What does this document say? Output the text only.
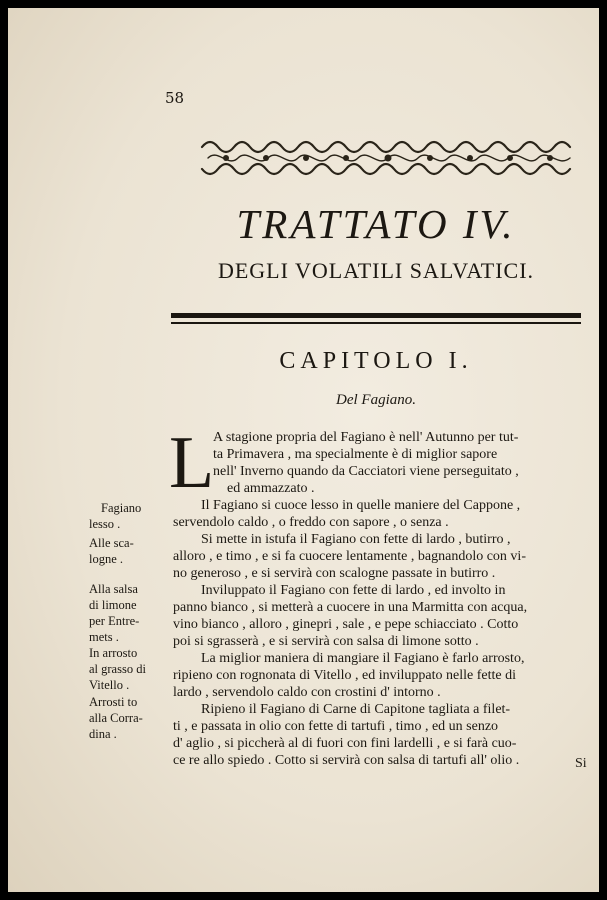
58
TRATTATO IV.
DEGLI VOLATILI SALVATICI.
CAPITOLO I.
Del Fagiano.
L
A stagione propria del Fagiano è nell' Autunno per tut-
ta Primavera , ma specialmente è di miglior sapore
nell' Inverno quando da Cacciatori viene perseguitato ,
ed ammazzato .
Il Fagiano si cuoce lesso in quelle maniere del Cappone ,
servendolo caldo , o freddo con sapore , o senza .
Si mette in istufa il Fagiano con fette di lardo , butirro ,
alloro , e timo , e si fa cuocere lentamente , bagnandolo con vi-
no generoso , e si servirà con scalogne passate in butirro .
Inviluppato il Fagiano con fette di lardo , ed involto in
panno bianco , si metterà a cuocere in una Marmitta con acqua,
vino bianco , alloro , ginepri , sale , e pepe schiacciato . Cotto
poi si sgrasserà , e si servirà con salsa di limone sotto .
La miglior maniera di mangiare il Fagiano è farlo arrosto,
ripieno con rognonata di Vitello , ed inviluppato nelle fette di
lardo , servendolo caldo con crostini d' intorno .
Ripieno il Fagiano di Carne di Capitone tagliata a filet-
ti , e passata in olio con fette di tartufi , timo , ed un senzo
d' aglio , si piccherà al di fuori con fini lardelli , e si farà cuo-
ce re allo spiedo . Cotto si servirà con salsa di tartufi all' olio .
Fagiano
lesso .
Alle sca-
logne .
Alla salsa
di limone
per Entre-
mets .
In arrosto
al grasso di
Vitello .
Arrosti to
alla Corra-
dina .
Si
